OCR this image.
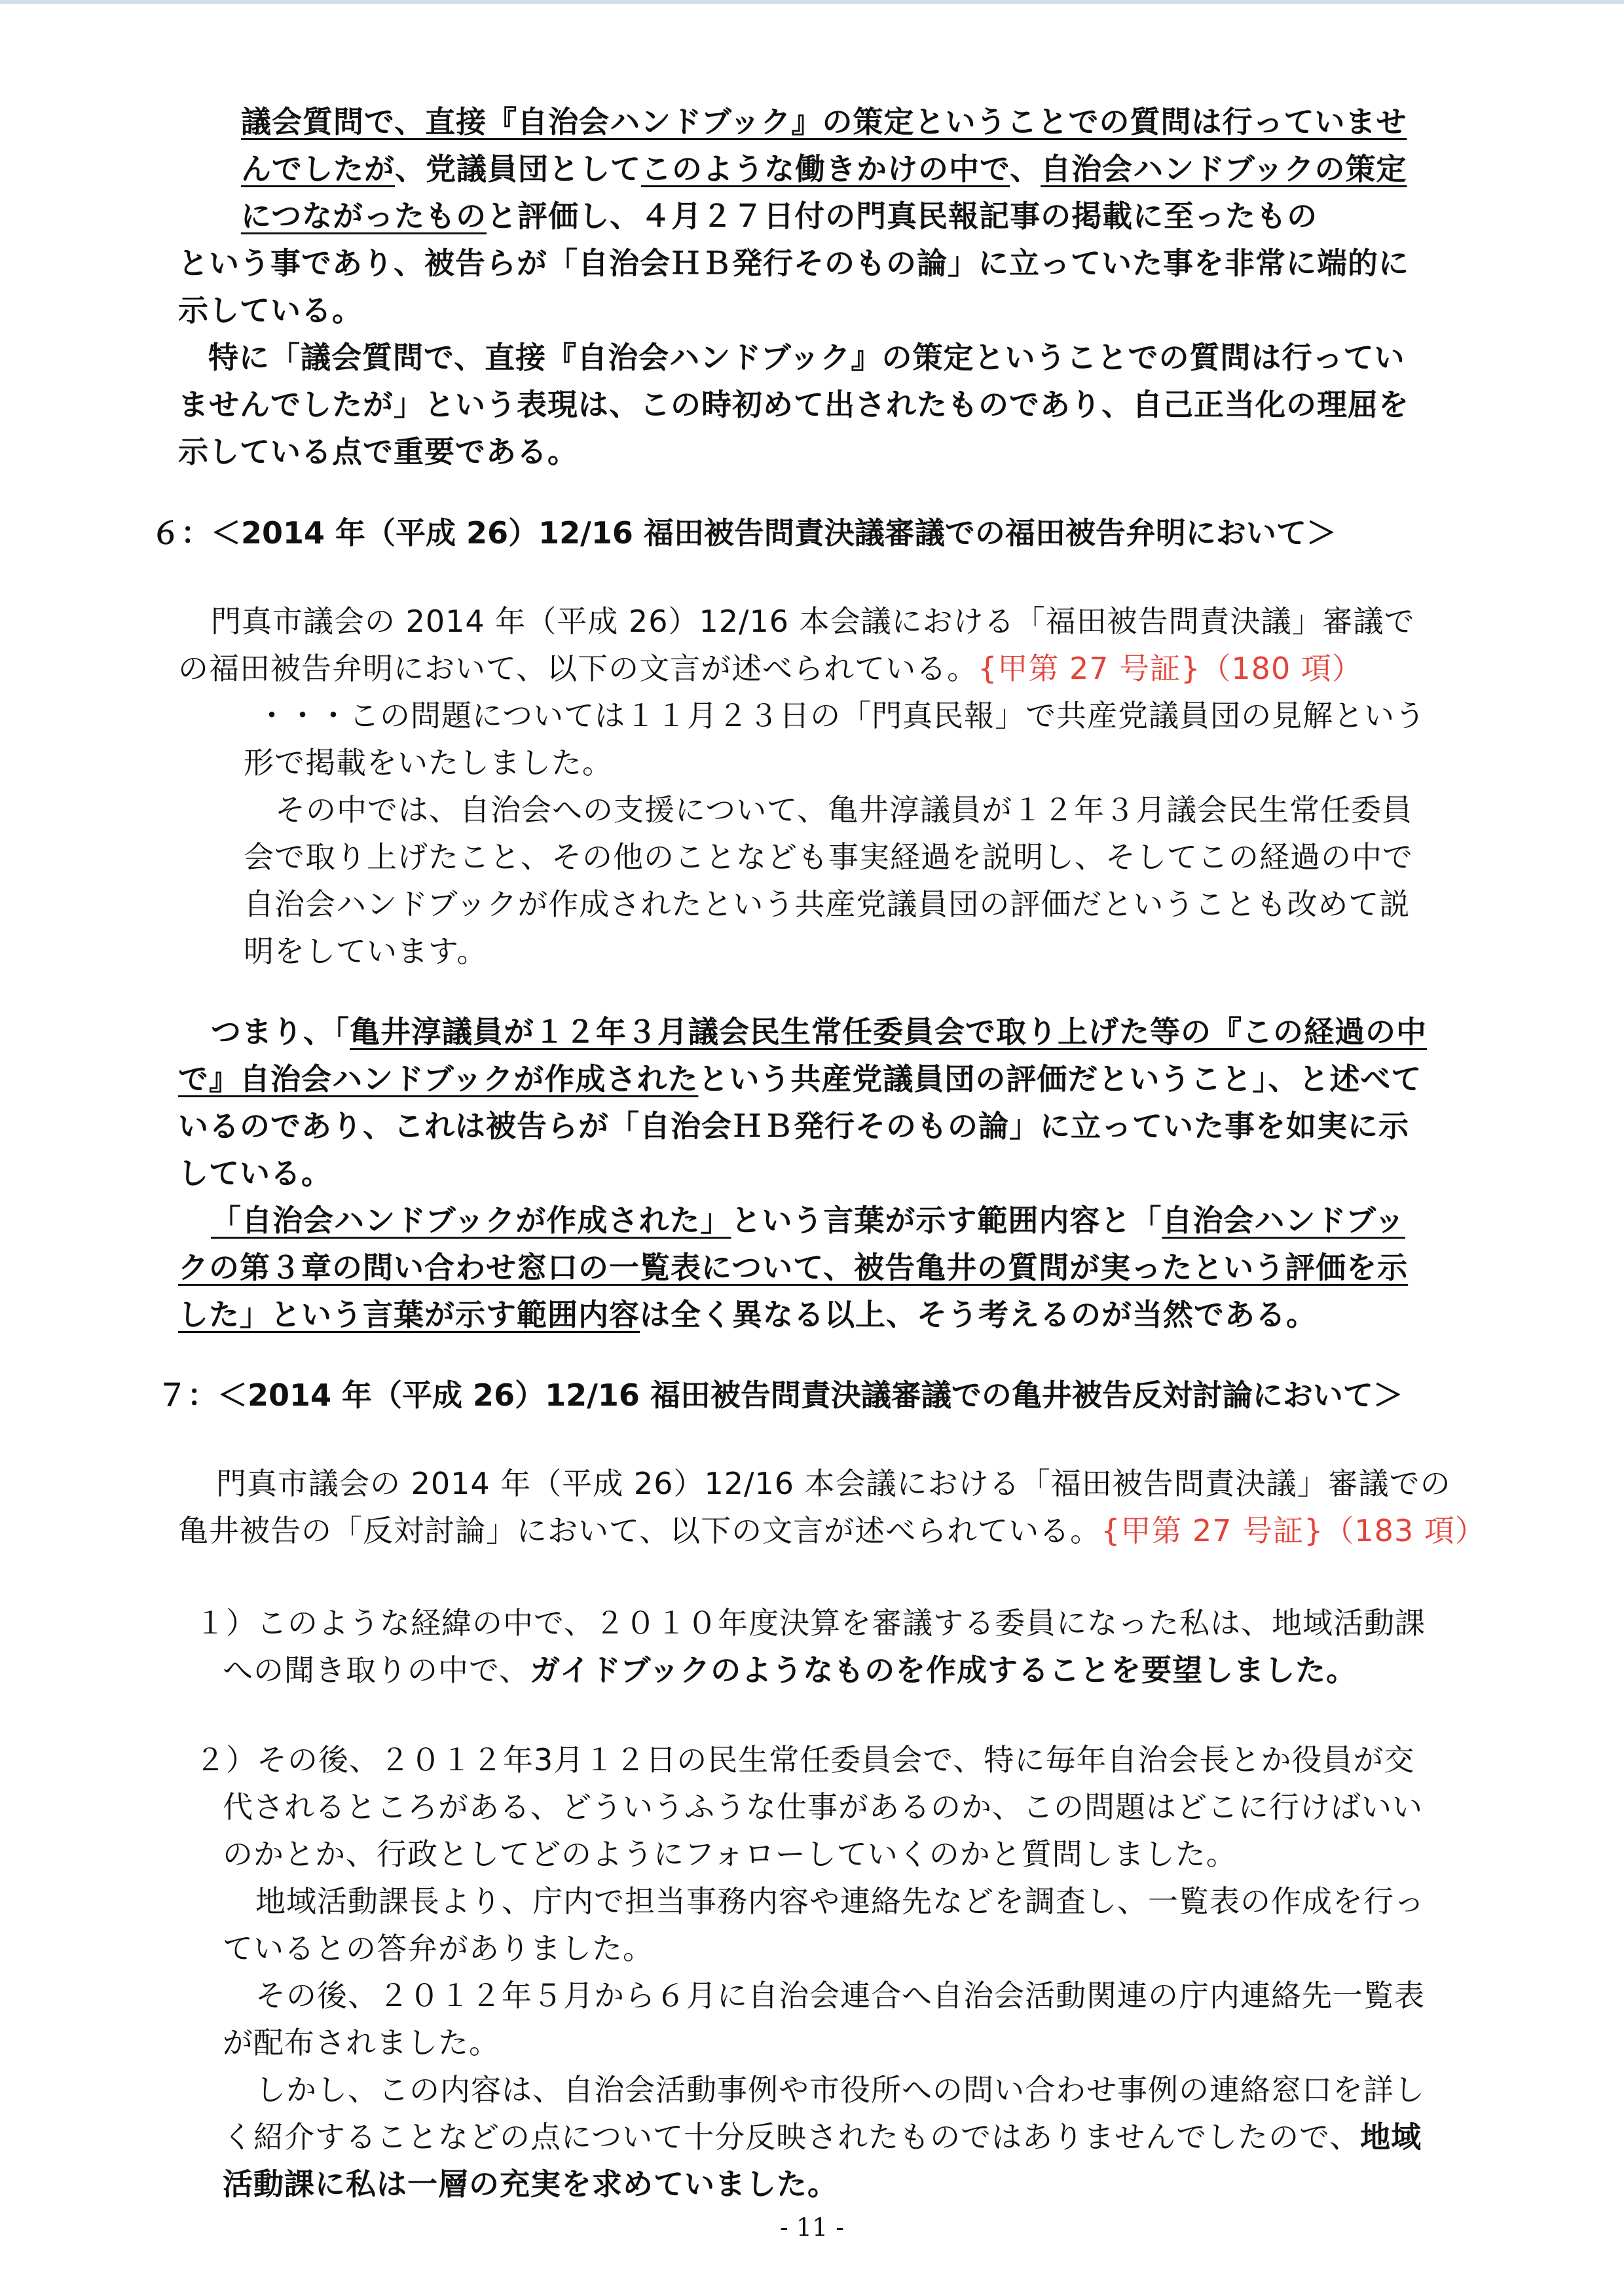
議会質問で、直接『自治会ハンドブック』の策定ということでの質問は行っていませ
んでしたが、党議員団としてこのような働きかけの中で、自治会ハンドブックの策定
につながったものと評価し、４月２７日付の門真民報記事の掲載に至ったもの
という事であり、被告らが「自治会ＨＢ発行そのもの論」に立っていた事を非常に端的に
示している。
特に「議会質問で、直接『自治会ハンドブック』の策定ということでの質問は行ってい
ませんでしたが」という表現は、この時初めて出されたものであり、自己正当化の理屈を
示している点で重要である。
６：＜2014 年（平成 26）12/16 福田被告問責決議審議での福田被告弁明において＞
門真市議会の 2014 年（平成 26）12/16 本会議における「福田被告問責決議」審議で
の福田被告弁明において、以下の文言が述べられている。{甲第 27 号証}（180 項）
・・・この問題については１１月２３日の「門真民報」で共産党議員団の見解という
形で掲載をいたしました。
その中では、自治会への支援について、亀井淳議員が１２年３月議会民生常任委員
会で取り上げたこと、その他のことなども事実経過を説明し、そしてこの経過の中で
自治会ハンドブックが作成されたという共産党議員団の評価だということも改めて説
明をしています。
つまり、「亀井淳議員が１２年３月議会民生常任委員会で取り上げた等の『この経過の中
で』自治会ハンドブックが作成されたという共産党議員団の評価だということ」、と述べて
いるのであり、これは被告らが「自治会ＨＢ発行そのもの論」に立っていた事を如実に示
している。
「自治会ハンドブックが作成された」という言葉が示す範囲内容と「自治会ハンドブッ
クの第３章の問い合わせ窓口の一覧表について、被告亀井の質問が実ったという評価を示
した」という言葉が示す範囲内容は全く異なる以上、そう考えるのが当然である。
７：＜2014 年（平成 26）12/16 福田被告問責決議審議での亀井被告反対討論において＞
門真市議会の 2014 年（平成 26）12/16 本会議における「福田被告問責決議」審議での
亀井被告の「反対討論」において、以下の文言が述べられている。{甲第 27 号証}（183 項）
１）このような経緯の中で、２０１０年度決算を審議する委員になった私は、地域活動課
への聞き取りの中で、ガイドブックのようなものを作成することを要望しました。
２）その後、２０１２年3月１２日の民生常任委員会で、特に毎年自治会長とか役員が交
代されるところがある、どういうふうな仕事があるのか、この問題はどこに行けばいい
のかとか、行政としてどのようにフォローしていくのかと質問しました。
地域活動課長より、庁内で担当事務内容や連絡先などを調査し、一覧表の作成を行っ
ているとの答弁がありました。
その後、２０１２年５月から６月に自治会連合へ自治会活動関連の庁内連絡先一覧表
が配布されました。
しかし、この内容は、自治会活動事例や市役所への問い合わせ事例の連絡窓口を詳し
く紹介することなどの点について十分反映されたものではありませんでしたので、地域
活動課に私は一層の充実を求めていました。
- 11 -
